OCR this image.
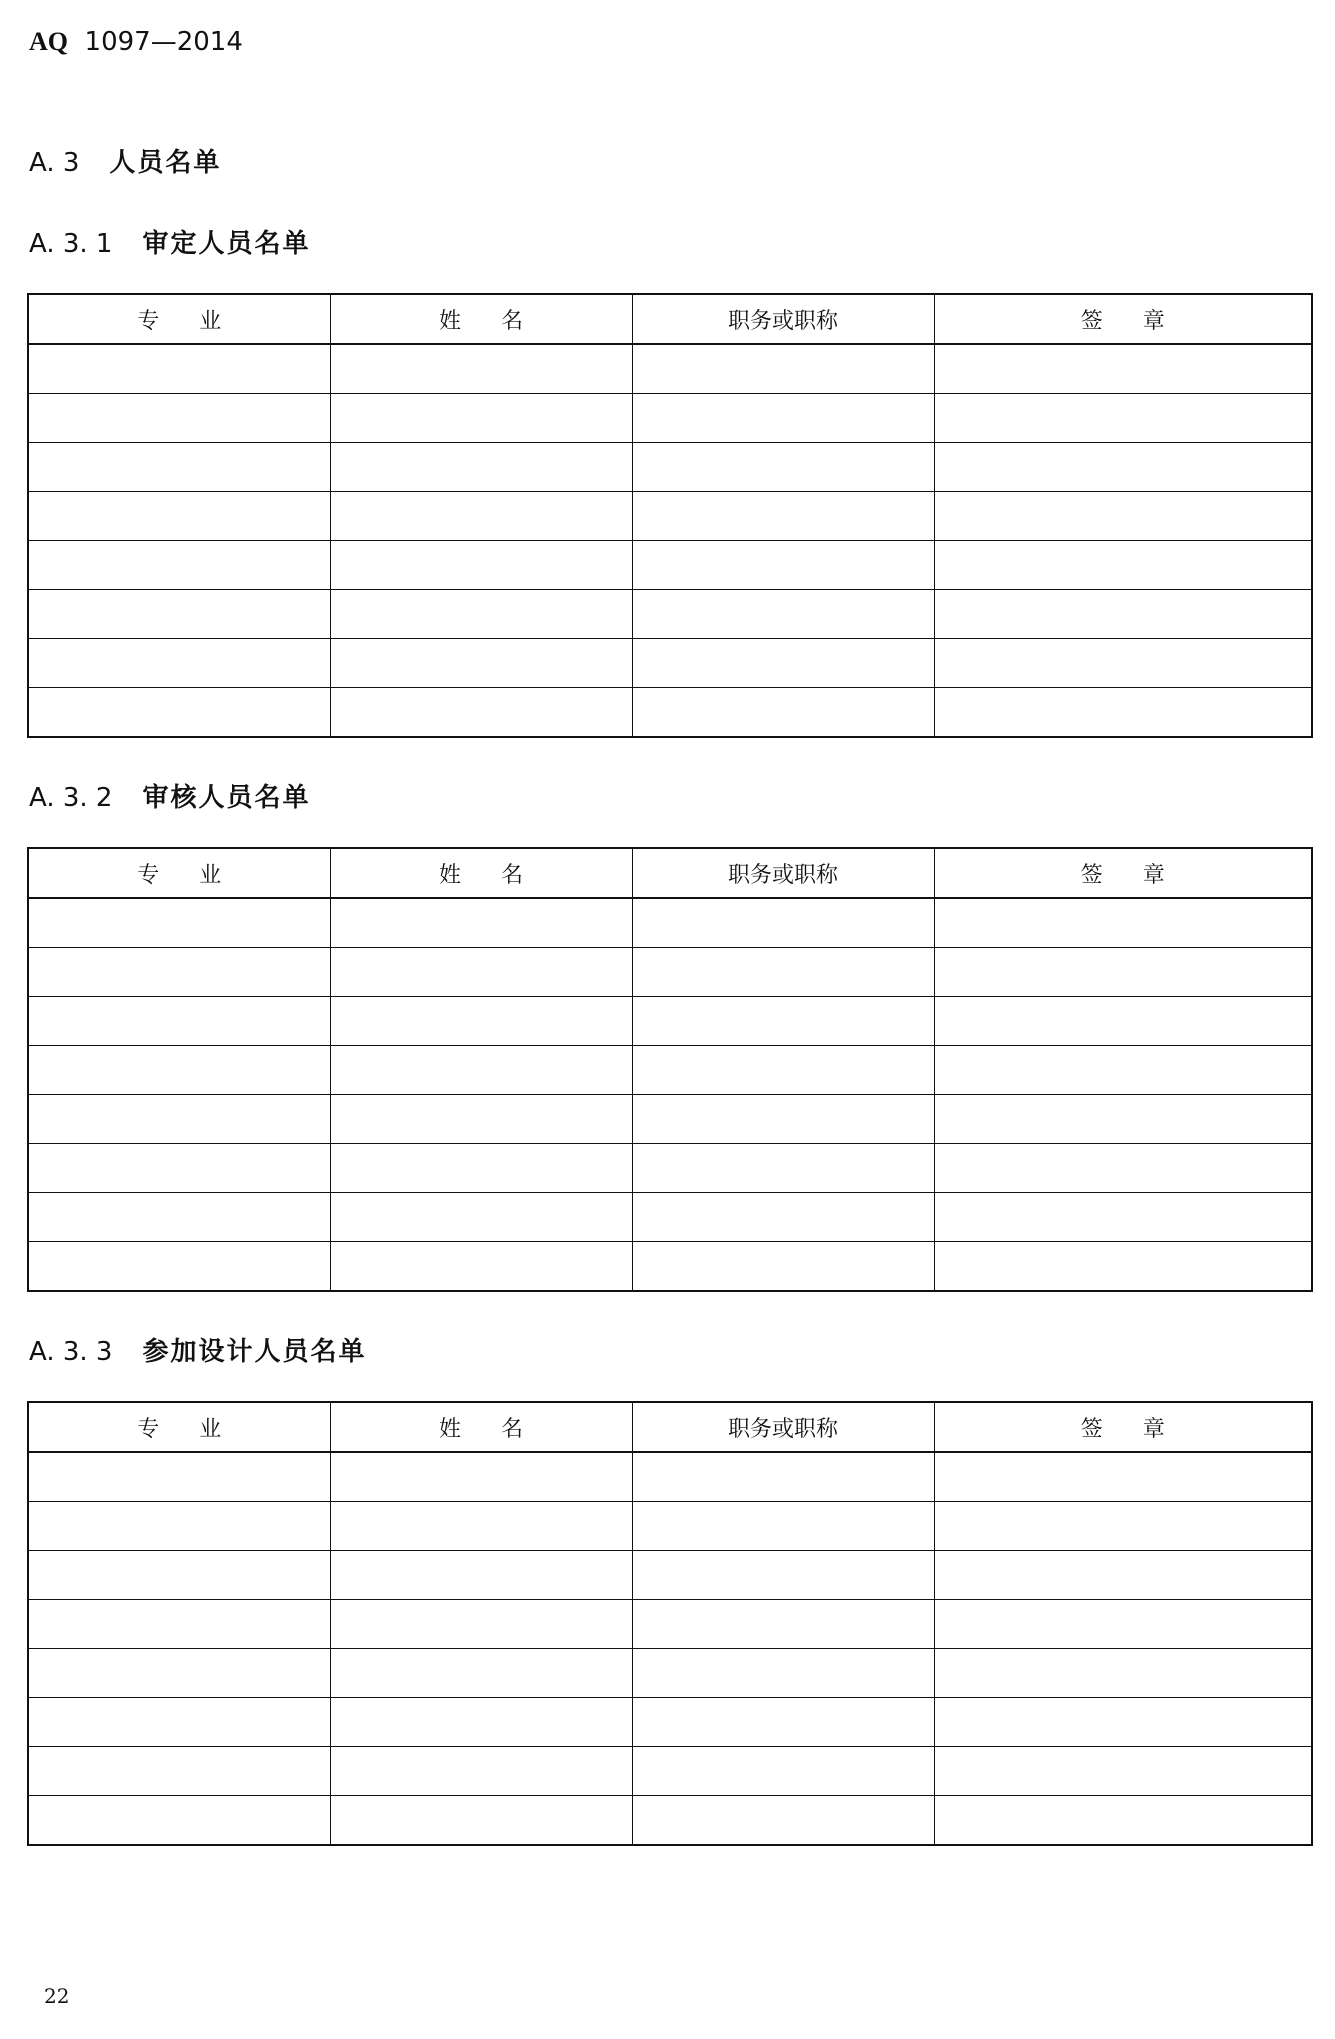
AQ 1097—2014
A. 3 人员名单
A. 3. 1 审定人员名单
专业	姓名	职务或职称	签章

A. 3. 2 审核人员名单
专业	姓名	职务或职称	签章

A. 3. 3 参加设计人员名单
专业	姓名	职务或职称	签章

22
